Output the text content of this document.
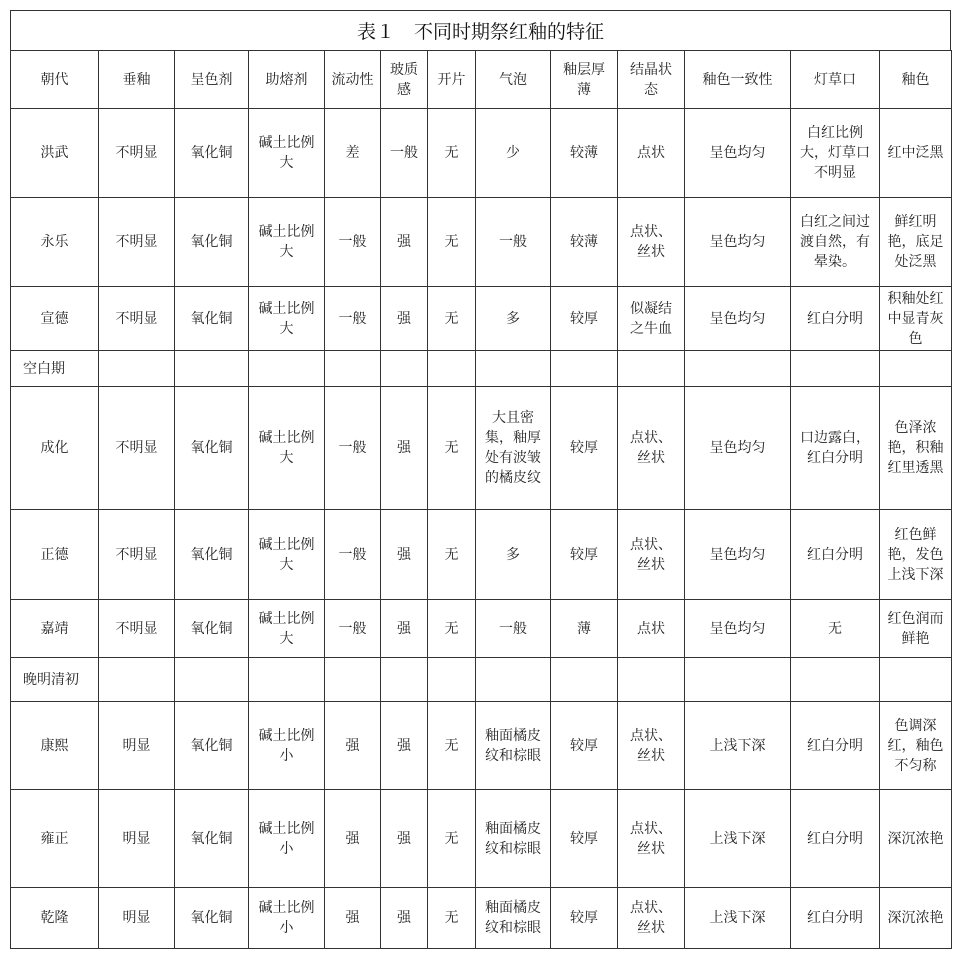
表１　不同时期祭红釉的特征
朝代	垂釉	呈色剂	助熔剂	流动性	玻质感	开片	气泡	釉层厚薄	结晶状态	釉色一致性	灯草口	釉色
洪武	不明显	氧化铜	碱土比例大	差	一般	无	少	较薄	点状	呈色均匀	白红比例大，灯草口不明显	红中泛黑
永乐	不明显	氧化铜	碱土比例大	一般	强	无	一般	较薄	点状、丝状	呈色均匀	白红之间过渡自然，有晕染。	鲜红明艳，底足处泛黑
宣德	不明显	氧化铜	碱土比例大	一般	强	无	多	较厚	似凝结之牛血	呈色均匀	红白分明	积釉处红中显青灰色
空白期												
成化	不明显	氧化铜	碱土比例大	一般	强	无	大且密集，釉厚处有波皱的橘皮纹	较厚	点状、丝状	呈色均匀	口边露白，红白分明	色泽浓艳，积釉红里透黑
正德	不明显	氧化铜	碱土比例大	一般	强	无	多	较厚	点状、丝状	呈色均匀	红白分明	红色鲜艳，发色上浅下深
嘉靖	不明显	氧化铜	碱土比例大	一般	强	无	一般	薄	点状	呈色均匀	无	红色润而鲜艳
晚明清初												
康熙	明显	氧化铜	碱土比例小	强	强	无	釉面橘皮纹和棕眼	较厚	点状、丝状	上浅下深	红白分明	色调深红，釉色不匀称
雍正	明显	氧化铜	碱土比例小	强	强	无	釉面橘皮纹和棕眼	较厚	点状、丝状	上浅下深	红白分明	深沉浓艳
乾隆	明显	氧化铜	碱土比例小	强	强	无	釉面橘皮纹和棕眼	较厚	点状、丝状	上浅下深	红白分明	深沉浓艳
